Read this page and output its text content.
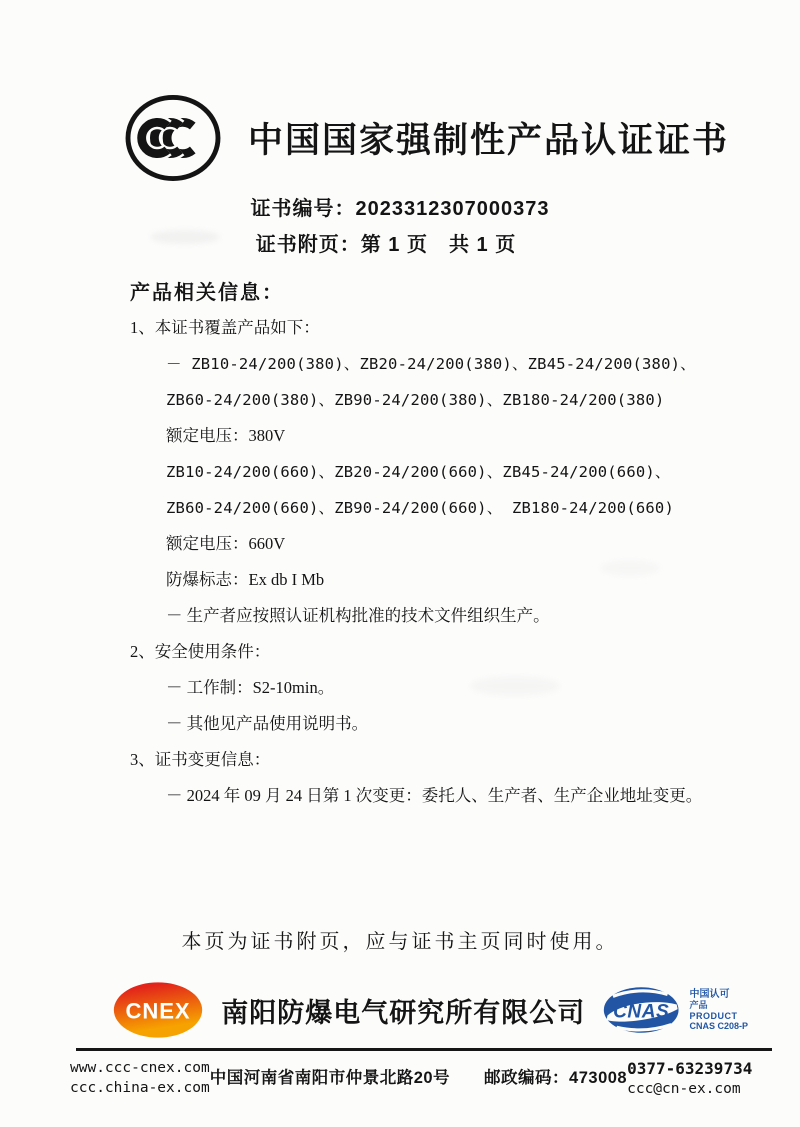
中国国家强制性产品认证证书
证书编号：2023312307000373
证书附页：第 1 页　共 1 页
产品相关信息：
1、本证书覆盖产品如下：
－ ZB10-24/200(380)、ZB20-24/200(380)、ZB45-24/200(380)、
ZB60-24/200(380)、ZB90-24/200(380)、ZB180-24/200(380)
额定电压：380V
ZB10-24/200(660)、ZB20-24/200(660)、ZB45-24/200(660)、
ZB60-24/200(660)、ZB90-24/200(660)、 ZB180-24/200(660)
额定电压：660V
防爆标志：Ex db I Mb
－ 生产者应按照认证机构批准的技术文件组织生产。
2、安全使用条件：
－ 工作制：S2-10min。
－ 其他见产品使用说明书。
3、证书变更信息：
－ 2024 年 09 月 24 日第 1 次变更：委托人、生产者、生产企业地址变更。
本页为证书附页，应与证书主页同时使用。
CNEX	南阳防爆电气研究所有限公司	CNAS
中国认可
产品
PRODUCT
CNAS C208-P
www.ccc-cnex.com
ccc.china-ex.com
中国河南省南阳市仲景北路20号 邮政编码：473008 0377-63239734
ccc@cn-ex.com
